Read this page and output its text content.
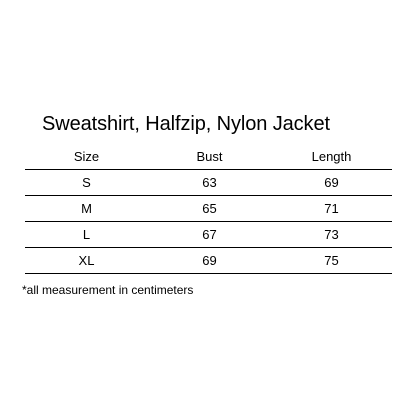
Sweatshirt, Halfzip, Nylon Jacket
Size	Bust	Length
S	63	69
M	65	71
L	67	73
XL	69	75
*all measurement in centimeters
